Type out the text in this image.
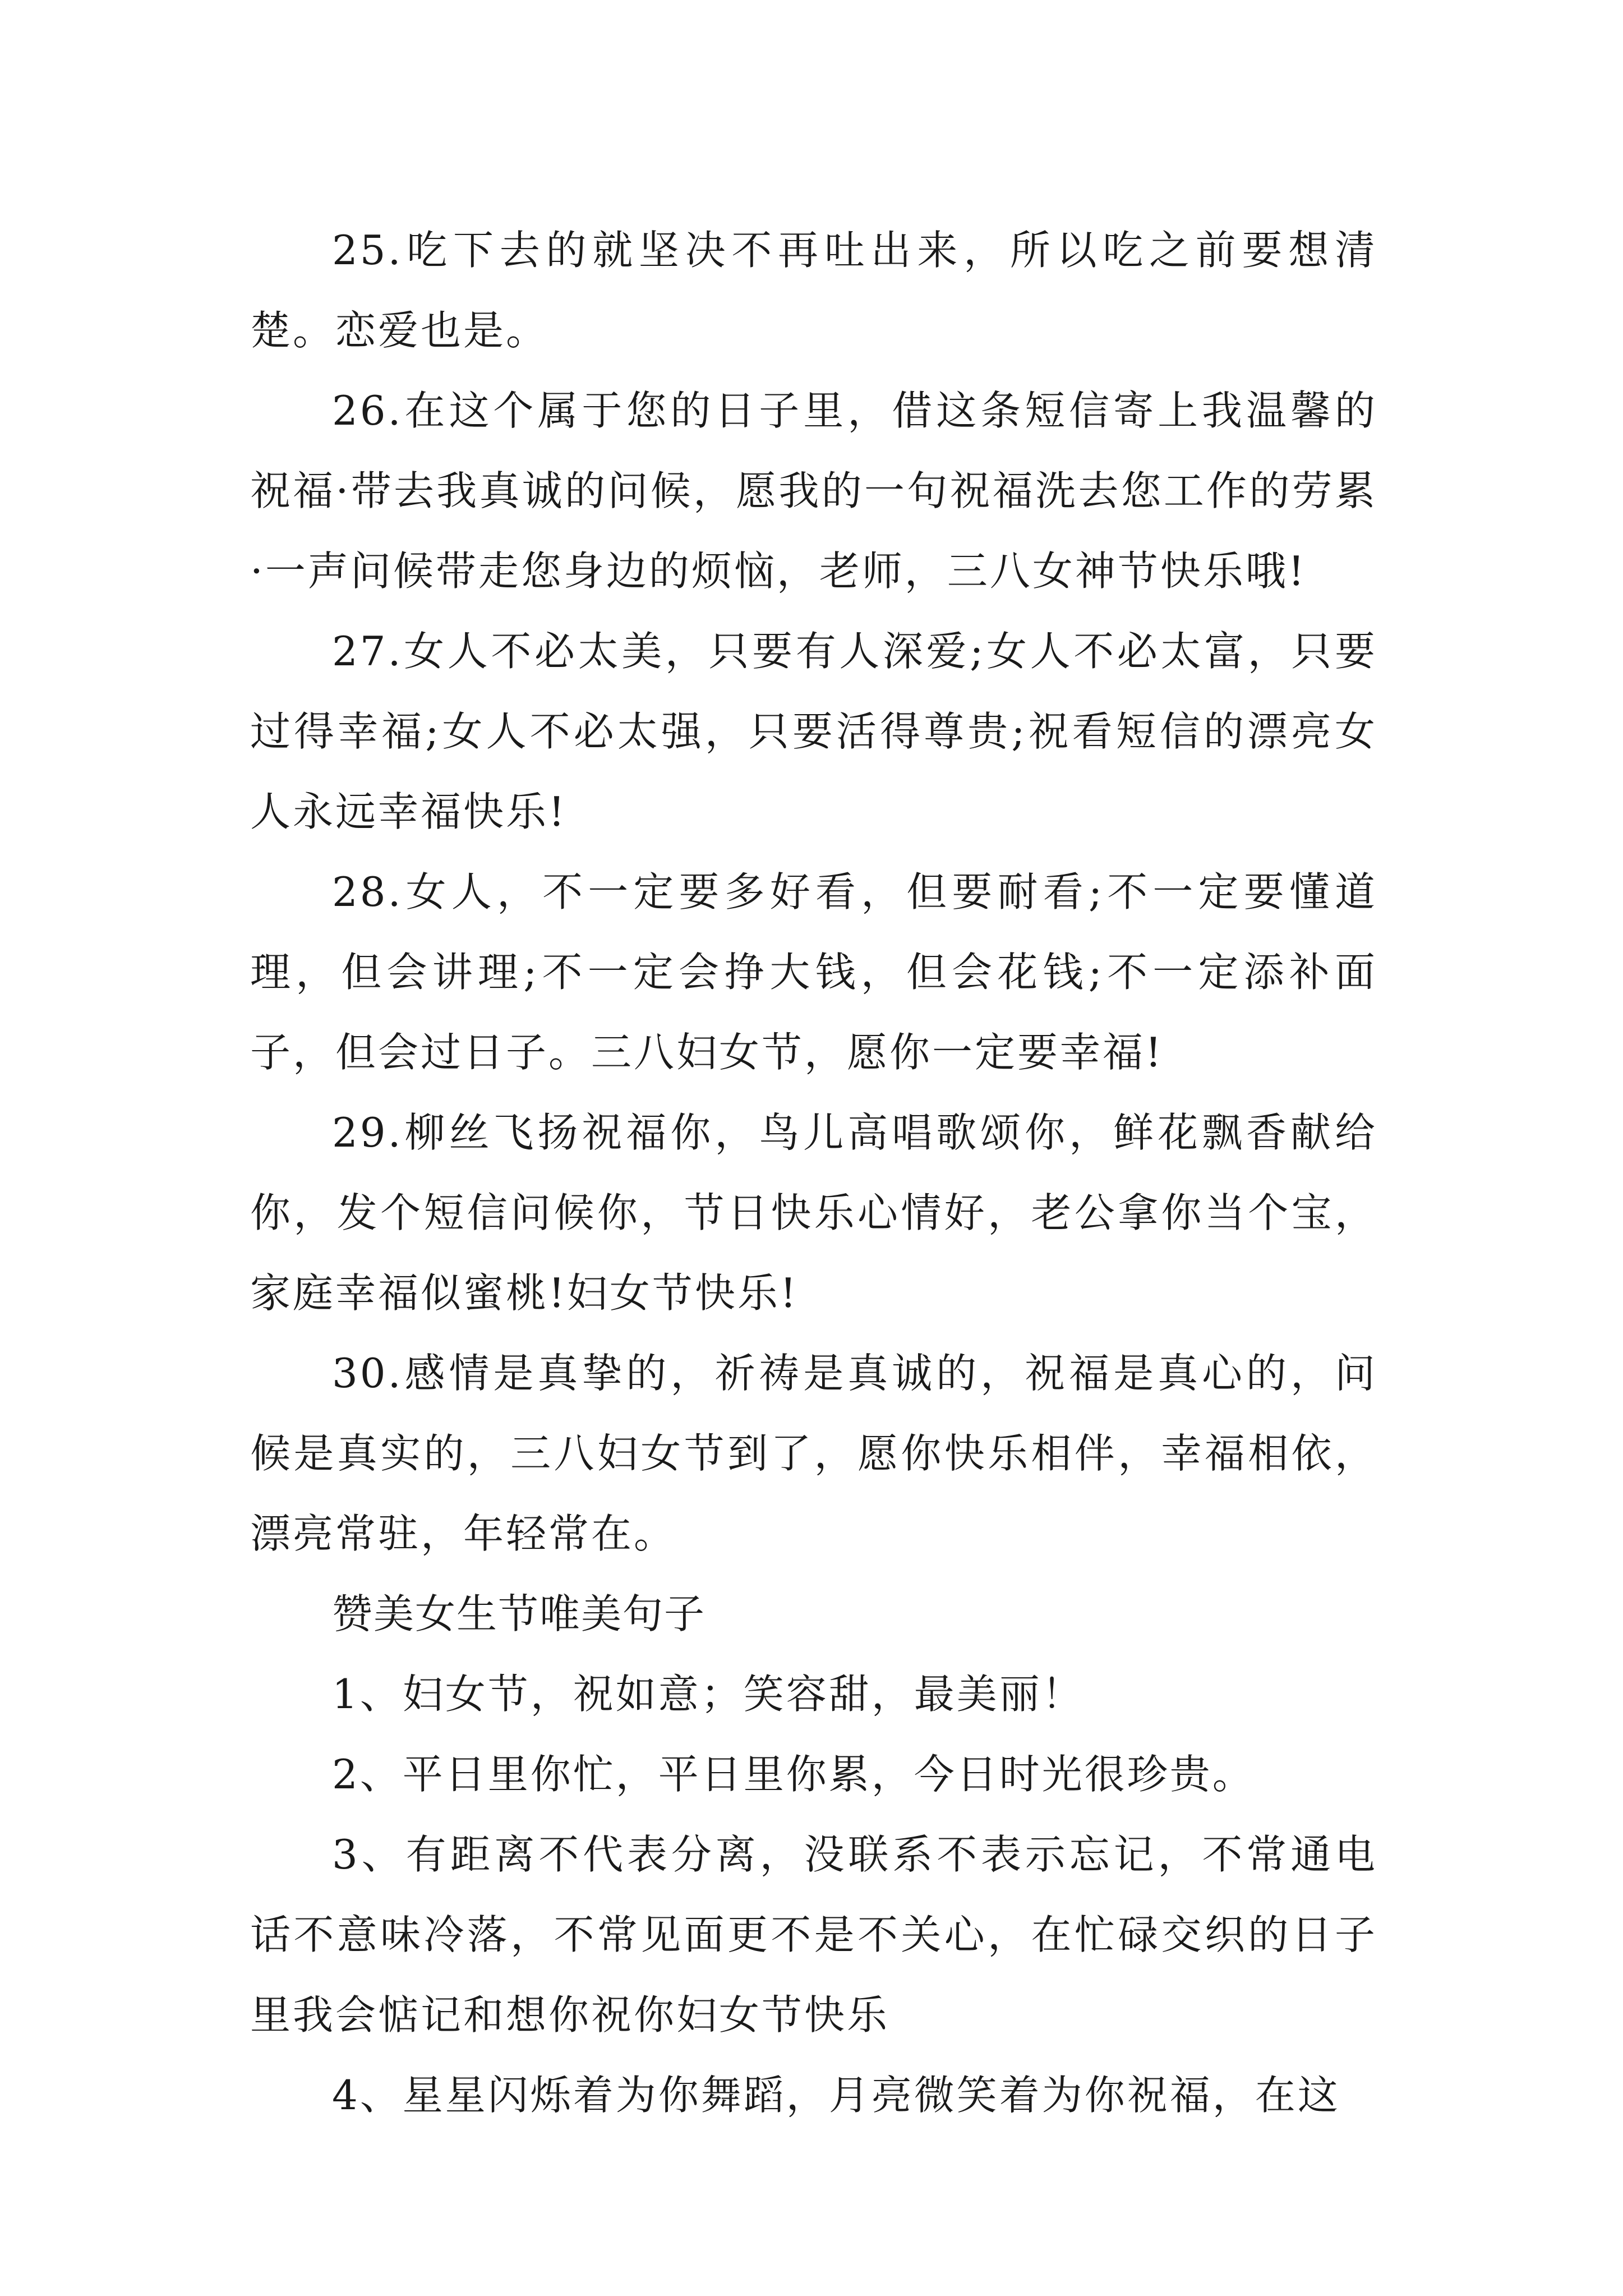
25.吃下去的就坚决不再吐出来，所以吃之前要想清楚。恋爱也是。

26.在这个属于您的日子里，借这条短信寄上我温馨的祝福·带去我真诚的问候，愿我的一句祝福洗去您工作的劳累·一声问候带走您身边的烦恼，老师，三八女神节快乐哦!

27.女人不必太美，只要有人深爱;女人不必太富，只要过得幸福;女人不必太强，只要活得尊贵;祝看短信的漂亮女人永远幸福快乐!

28.女人，不一定要多好看，但要耐看;不一定要懂道理，但会讲理;不一定会挣大钱，但会花钱;不一定添补面子，但会过日子。三八妇女节，愿你一定要幸福!

29.柳丝飞扬祝福你，鸟儿高唱歌颂你，鲜花飘香献给你，发个短信问候你，节日快乐心情好，老公拿你当个宝，家庭幸福似蜜桃!妇女节快乐!

30.感情是真挚的，祈祷是真诚的，祝福是真心的，问候是真实的，三八妇女节到了，愿你快乐相伴，幸福相依，漂亮常驻，年轻常在。

赞美女生节唯美句子

1、妇女节，祝如意；笑容甜，最美丽！

2、平日里你忙，平日里你累，今日时光很珍贵。

3、有距离不代表分离，没联系不表示忘记，不常通电话不意味冷落，不常见面更不是不关心，在忙碌交织的日子里我会惦记和想你祝你妇女节快乐

4、星星闪烁着为你舞蹈，月亮微笑着为你祝福，在这
